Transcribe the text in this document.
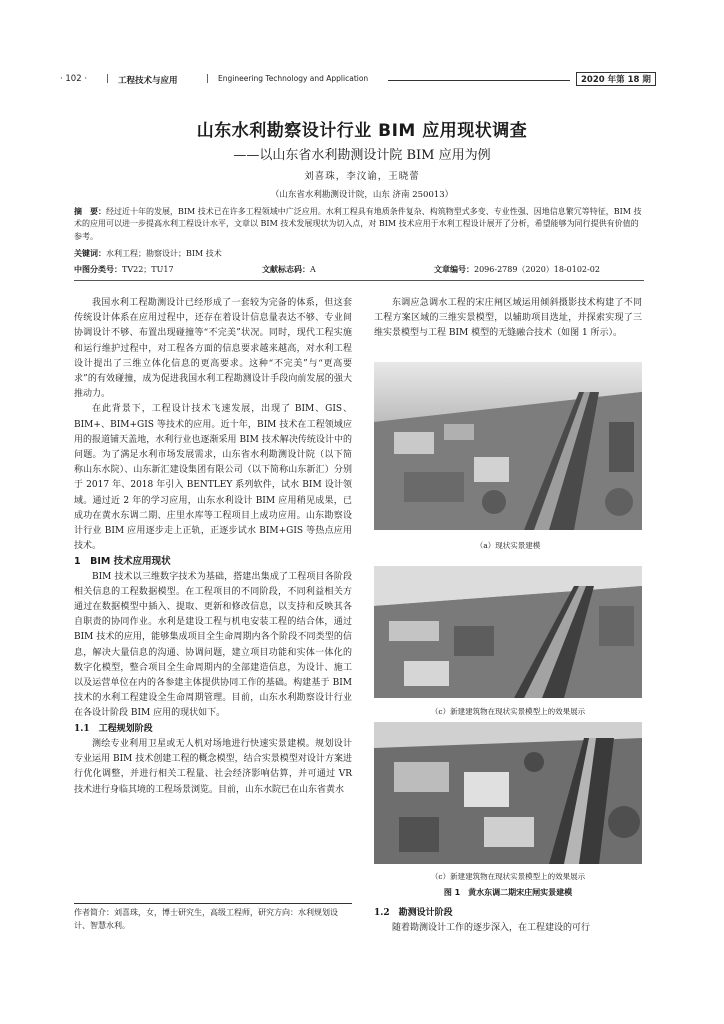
· 102 · | 工程技术与应用	| Engineering Technology and Application	2020 年第 18 期
山东水利勘察设计行业 BIM 应用现状调查
——以山东省水利勘测设计院 BIM 应用为例
刘喜珠，李汶谕，王晓蕾
（山东省水利勘测设计院，山东 济南 250013）
摘　要：经过近十年的发展，BIM 技术已在许多工程领域中广泛应用。水利工程具有地质条件复杂、构筑物型式多变、专业性强、因地信息繁冗等特征，BIM 技术的应用可以进一步提高水利工程设计水平，文章以 BIM 技术发展现状为切入点，对 BIM 技术应用于水利工程设计展开了分析，希望能够为同行提供有价值的参考。
关键词：水利工程；勘察设计；BIM 技术
中图分类号：TV22；TU17	文献标志码：A	文章编号：2096-2789（2020）18-0102-02

我国水利工程勘测设计已经形成了一套较为完备的体系，但这套传统设计体系在应用过程中，还存在着设计信息量表达不够、专业间协调设计不够、布置出现碰撞等“不完美”状况。同时，现代工程实施和运行维护过程中，对工程各方面的信息要求越来越高，对水利工程设计提出了三维立体化信息的更高要求。这种“不完美”与“更高要求”的有效碰撞，成为促进我国水利工程勘测设计手段向前发展的强大推动力。

在此背景下，工程设计技术飞速发展，出现了 BIM、GIS、BIM+、BIM+GIS 等技术的应用。近十年，BIM 技术在工程领域应用的报道铺天盖地，水利行业也逐渐采用 BIM 技术解决传统设计中的问题。为了满足水利市场发展需求，山东省水利勘测设计院（以下简称山东水院）、山东新汇建设集团有限公司（以下简称山东新汇）分别于 2017 年、2018 年引入 BENTLEY 系列软件，试水 BIM 设计领域。通过近 2 年的学习应用，山东水利设计 BIM 应用稍见成果，已成功在黄水东调二期、庄里水库等工程项目上成功应用。山东勘察设计行业 BIM 应用逐步走上正轨，正逐步试水 BIM+GIS 等热点应用技术。

1　BIM 技术应用现状

BIM 技术以三维数字技术为基础，搭建出集成了工程项目各阶段相关信息的工程数据模型。在工程项目的不同阶段，不同利益相关方通过在数据模型中插入、提取、更新和修改信息，以支持和反映其各自职责的协同作业。水利是建设工程与机电安装工程的结合体，通过 BIM 技术的应用，能够集成项目全生命周期内各个阶段不同类型的信息，解决大量信息的沟通、协调问题，建立项目功能和实体一体化的数字化模型，整合项目全生命周期内的全部建造信息，为设计、施工以及运营单位在内的各参建主体提供协同工作的基础。构建基于 BIM 技术的水利工程建设全生命周期管理。目前，山东水利勘察设计行业在各设计阶段 BIM 应用的现状如下。

1.1　工程规划阶段

测绘专业利用卫星或无人机对场地进行快速实景建模。规划设计专业运用 BIM 技术创建工程的概念模型，结合实景模型对设计方案进行优化调整，并进行相关工程量、社会经济影响估算，并可通过 VR 技术进行身临其境的工程场景浏览。目前，山东水院已在山东省黄水

作者简介：刘喜珠，女，博士研究生，高级工程师，研究方向：水利规划设计、智慧水利。

东调应急调水工程的宋庄闸区域运用倾斜摄影技术构建了不同工程方案区域的三维实景模型，以辅助项目选址，并探索实现了三维实景模型与工程 BIM 模型的无缝融合技术（如图 1 所示）。

（a）现状实景建模
（c）新建建筑物在现状实景模型上的效果展示
（c）新建建筑物在现状实景模型上的效果展示
图 1　黄水东调二期宋庄闸实景建模

1.2　勘测设计阶段

随着勘测设计工作的逐步深入，在工程建设的可行
